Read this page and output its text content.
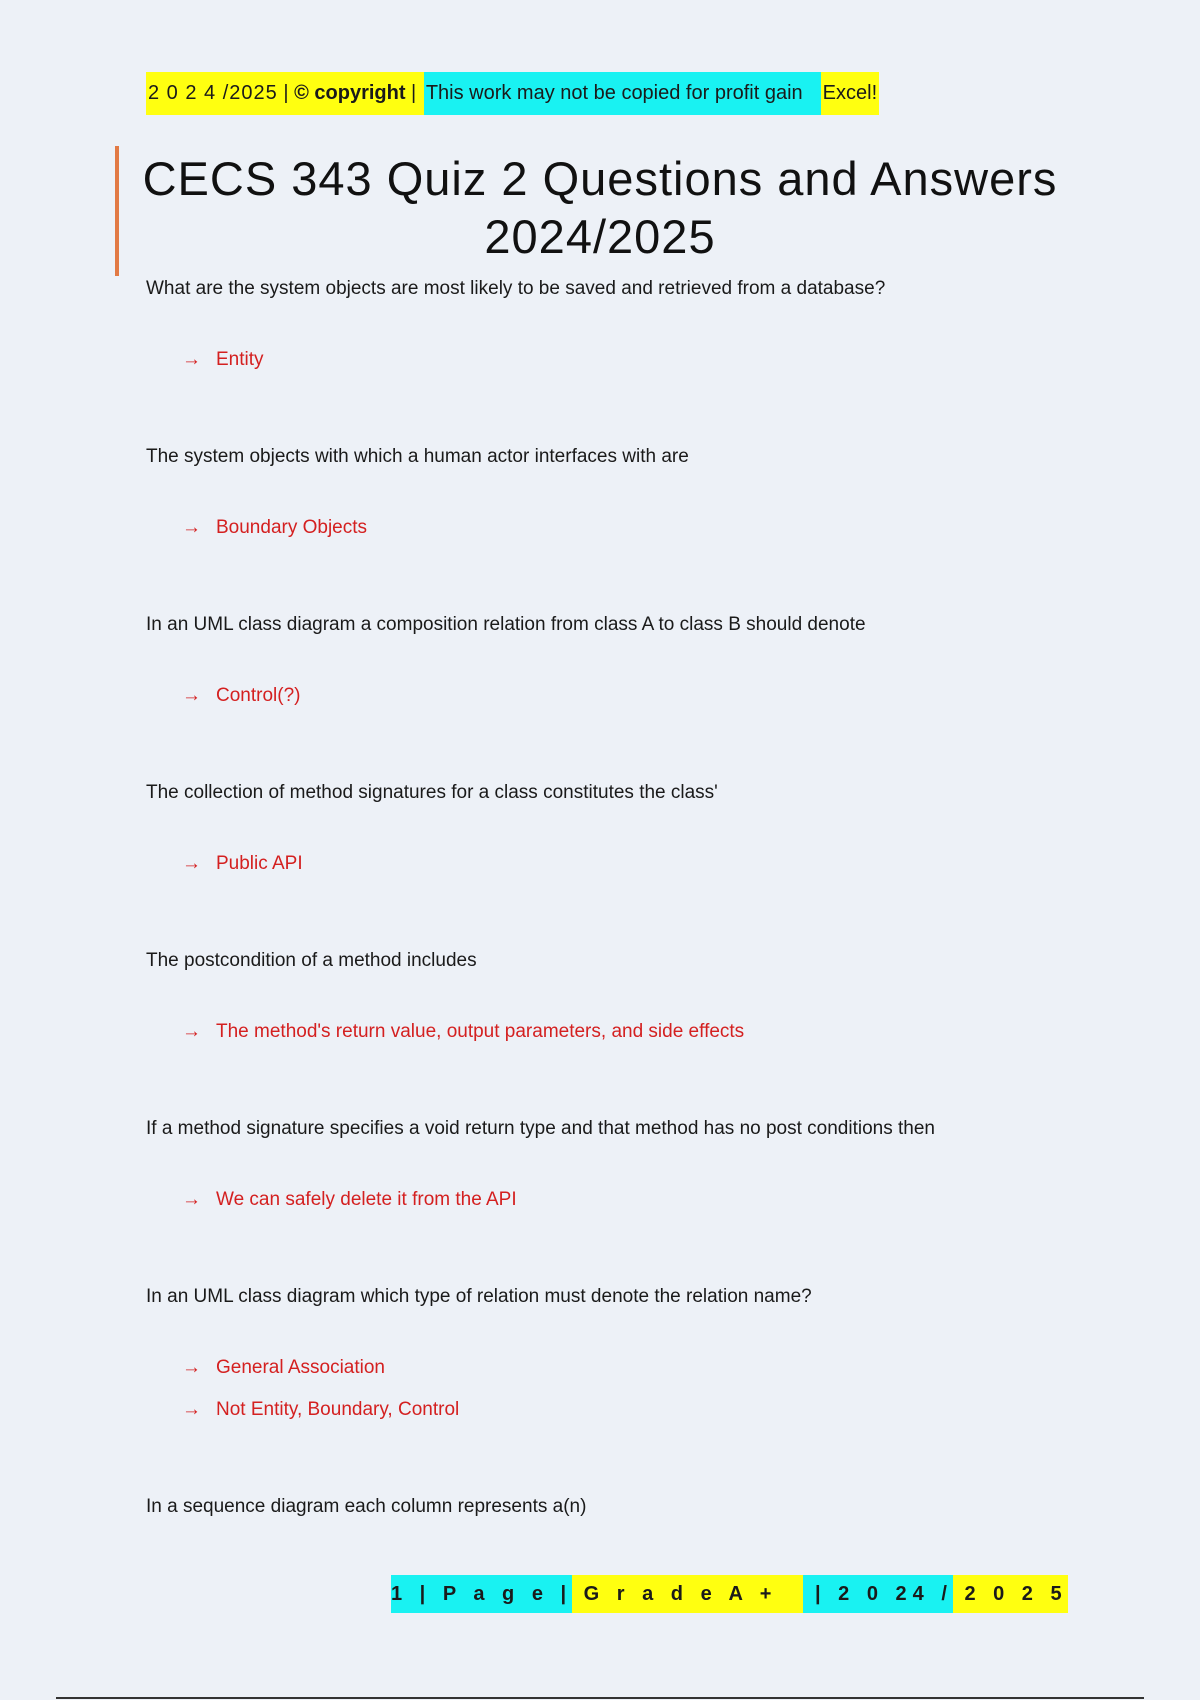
2 0 2 4 /2025 | © copyright | This work may not be copied for profit gain	Excel!
CECS 343 Quiz 2 Questions and Answers
2024/2025
What are the system objects are most likely to be saved and retrieved from a database?
→ Entity
The system objects with which a human actor interfaces with are
→ Boundary Objects
In an UML class diagram a composition relation from class A to class B should denote
→ Control(?)
The collection of method signatures for a class constitutes the class'
→ Public API
The postcondition of a method includes
→ The method's return value, output parameters, and side effects
If a method signature specifies a void return type and that method has no post conditions then
→ We can safely delete it from the API
In an UML class diagram which type of relation must denote the relation name?
→ General Association
→ Not Entity, Boundary, Control
In a sequence diagram each column represents a(n)
1 | P a g e | G r a d e A +	| 2 0 24 / 2 0 2 5
